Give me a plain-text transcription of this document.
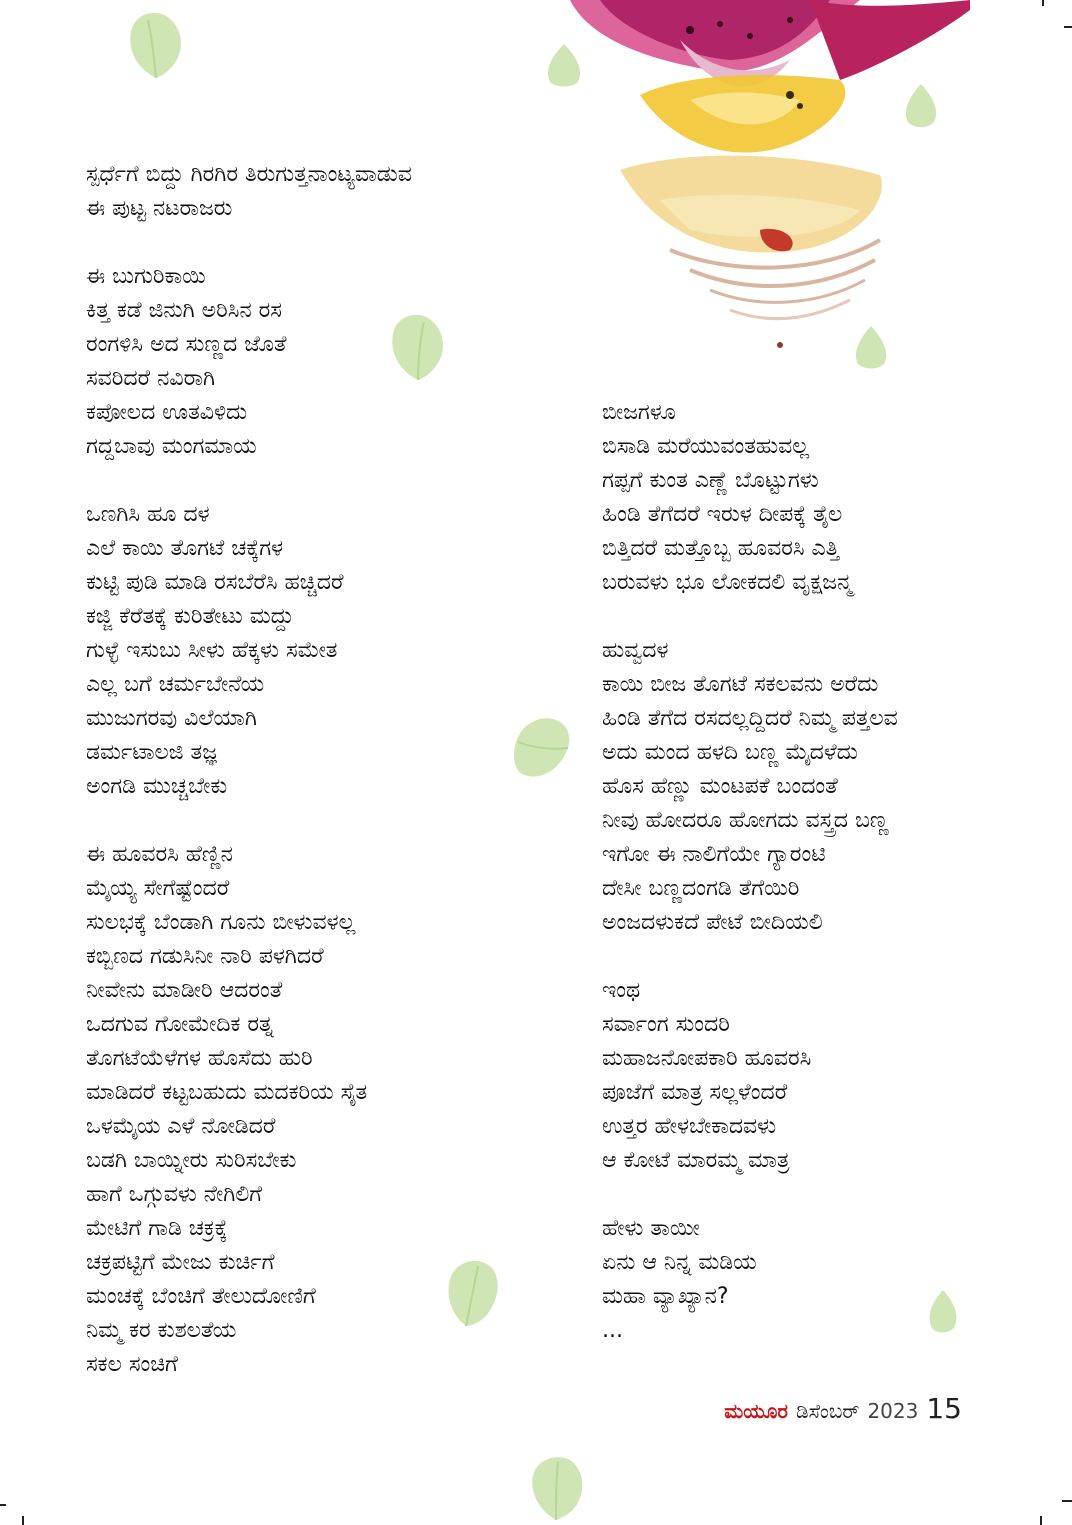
ಸ್ಪರ್ಧೆಗೆ ಬಿದ್ದು ಗಿರಗಿರ ತಿರುಗುತ್ತನಾಂಟ್ಯವಾಡುವ
ಈ ಪುಟ್ಟ ನಟರಾಜರು
ಈ ಬುಗುರಿಕಾಯಿ
ಕಿತ್ತ ಕಡೆ ಜಿನುಗಿ ಅರಿಸಿನ ರಸ
ರಂಗಳಿಸಿ ಅದ ಸುಣ್ಣದ ಜೊತೆ
ಸವರಿದರೆ ನವಿರಾಗಿ
ಕಪೋಲದ ಊತವಿಳಿದು
ಗದ್ದಬಾವು ಮಂಗಮಾಯ
ಒಣಗಿಸಿ ಹೂ ದಳ
ಎಲೆ ಕಾಯಿ ತೊಗಟೆ ಚಕ್ಕೆಗಳ
ಕುಟ್ಟಿ ಪುಡಿ ಮಾಡಿ ರಸಬೆರೆಸಿ ಹಚ್ಚಿದರೆ
ಕಜ್ಜಿ ಕೆರೆತಕ್ಕೆ ಕುರಿತೇಟು ಮದ್ದು
ಗುಳ್ಳೆ ಇಸುಬು ಸೀಳು ಹೆಕ್ಕಳು ಸಮೇತ
ಎಲ್ಲ ಬಗೆ ಚರ್ಮಬೇನೆಯ
ಮುಜುಗರವು ವಿಲೆಯಾಗಿ
ಡರ್ಮಟಾಲಜಿ ತಜ್ಞ
ಅಂಗಡಿ ಮುಚ್ಚಬೇಕು
ಈ ಹೂವರಸಿ ಹೆಣ್ಣಿನ
ಮೈಯ್ಯ ಸೇಗೆಷ್ಟೆಂದರೆ
ಸುಲಭಕ್ಕೆ ಬೆಂಡಾಗಿ ಗೂನು ಬೀಳುವಳಲ್ಲ
ಕಬ್ಬಿಣದ ಗಡುಸಿನೀ ನಾರಿ ಪಳಗಿದರೆ
ನೀವೇನು ಮಾಡೀರಿ ಆದರಂತೆ
ಒದಗುವ ಗೋಮೇದಿಕ ರತ್ನ
ತೊಗಟೆಯೆಳೆಗಳ ಹೊಸೆದು ಹುರಿ
ಮಾಡಿದರೆ ಕಟ್ಟಬಹುದು ಮದಕರಿಯ ಸೈತ
ಒಳಮೈಯ ಎಳೆ ನೋಡಿದರೆ
ಬಡಗಿ ಬಾಯ್ನೀರು ಸುರಿಸಬೇಕು
ಹಾಗೆ ಒಗ್ಗುವಳು ನೇಗಿಲಿಗೆ
ಮೇಟಿಗೆ ಗಾಡಿ ಚಕ್ರಕ್ಕೆ
ಚಕ್ರಪಟ್ಟಿಗೆ ಮೇಜು ಕುರ್ಚಿಗೆ
ಮಂಚಕ್ಕೆ ಬೆಂಚಿಗೆ ತೇಲುದೋಣಿಗೆ
ನಿಮ್ಮ ಕರ ಕುಶಲತೆಯ
ಸಕಲ ಸಂಚಿಗೆ
ಬೀಜಗಳೂ
ಬಿಸಾಡಿ ಮರೆಯುವಂತಹುವಲ್ಲ
ಗಪ್ಪಗೆ ಕುಂತ ಎಣ್ಣೆ ಬೊಟ್ಟುಗಳು
ಹಿಂಡಿ ತೆಗೆದರೆ ಇರುಳ ದೀಪಕ್ಕೆ ತೈಲ
ಬಿತ್ತಿದರೆ ಮತ್ತೊಬ್ಬ ಹೂವರಸಿ ಎತ್ತಿ
ಬರುವಳು ಭೂ ಲೋಕದಲಿ ವೃಕ್ಷಜನ್ಮ
ಹುವ್ವದಳ
ಕಾಯಿ ಬೀಜ ತೊಗಟೆ ಸಕಲವನು ಅರೆದು
ಹಿಂಡಿ ತೆಗೆದ ರಸದಲ್ಲದ್ದಿದರೆ ನಿಮ್ಮ ಪತ್ತಲವ
ಅದು ಮಂದ ಹಳದಿ ಬಣ್ಣ ಮೈದಳೆದು
ಹೊಸ ಹೆಣ್ಣು ಮಂಟಪಕೆ ಬಂದಂತೆ
ನೀವು ಹೋದರೂ ಹೋಗದು ವಸ್ತ್ರದ ಬಣ್ಣ
ಇಗೋ ಈ ನಾಲಿಗೆಯೇ ಗ್ಯಾರಂಟಿ
ದೇಸೀ ಬಣ್ಣದಂಗಡಿ ತೆಗೆಯಿರಿ
ಅಂಜದಳುಕದೆ ಪೇಟೆ ಬೀದಿಯಲಿ
ಇಂಥ
ಸರ್ವಾಂಗ ಸುಂದರಿ
ಮಹಾಜನೋಪಕಾರಿ ಹೂವರಸಿ
ಪೂಜೆಗೆ ಮಾತ್ರ ಸಲ್ಲಳೆಂದರೆ
ಉತ್ತರ ಹೇಳಬೇಕಾದವಳು
ಆ ಕೋಟೆ ಮಾರಮ್ಮ ಮಾತ್ರ
ಹೇಳು ತಾಯೀ
ಏನು ಆ ನಿನ್ನ ಮಡಿಯ
ಮಹಾ ವ್ಯಾಖ್ಯಾನ?
...
ಮಯೂರ ಡಿಸೆಂಬರ್ 2023 15
